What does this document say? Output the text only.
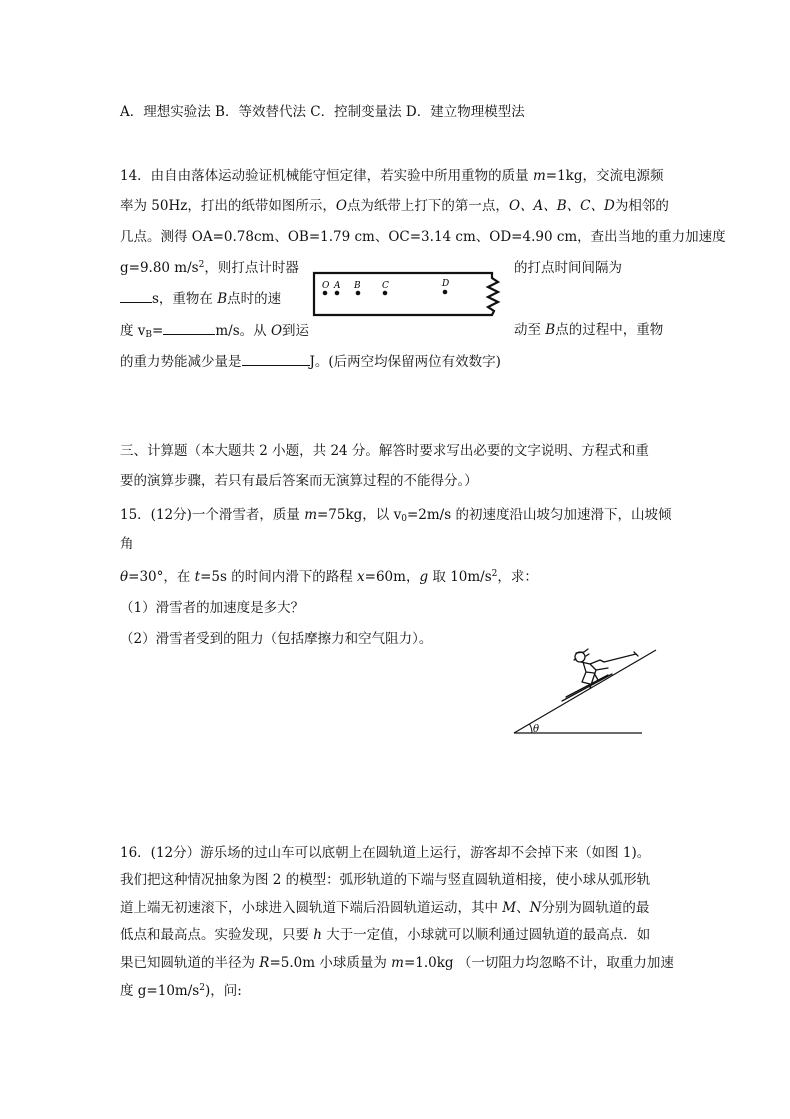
A．理想实验法 B．等效替代法 C．控制变量法 D．建立物理模型法
14．由自由落体运动验证机械能守恒定律，若实验中所用重物的质量 m=1kg，交流电源频
率为 50Hz，打出的纸带如图所示，O点为纸带上打下的第一点，O、A、B、C、D为相邻的
几点。测得 OA=0.78cm、OB=1.79 cm、OC=3.14 cm、OD=4.90 cm，查出当地的重力加速度
g=9.80 $m/s^2$，则打点计时器	的打点时间间隔为
O A B C	D
s，重物在 B点时的速
度 $v_B=$	m/s。从 O到运	动至 B点的过程中，重物
的重力势能减少量是	J。(后两空均保留两位有效数字)
三、计算题（本大题共 2 小题，共 24 分。解答时要求写出必要的文字说明、方程式和重
要的演算步骤，若只有最后答案而无演算过程的不能得分。）
15．(12分)一个滑雪者，质量 m=75kg，以 $v_0=2m/s$ 的初速度沿山坡匀加速滑下，山坡倾
角
θ=30°，在 t=5s 的时间内滑下的路程 x=60m，g 取 $10m/s^2$，求：
（1）滑雪者的加速度是多大？
（2）滑雪者受到的阻力（包括摩擦力和空气阻力）。
θ
16．(12分）游乐场的过山车可以底朝上在圆轨道上运行，游客却不会掉下来（如图 1)。
我们把这种情况抽象为图 2 的模型：弧形轨道的下端与竖直圆轨道相接，使小球从弧形轨
道上端无初速滚下，小球进入圆轨道下端后沿圆轨道运动，其中 M、N分别为圆轨道的最
低点和最高点。实验发现，只要 h 大于一定值，小球就可以顺利通过圆轨道的最高点．如
果已知圆轨道的半径为 R=5.0m 小球质量为 m=1.0kg （一切阻力均忽略不计，取重力加速
度 $g=10m/s^2$)，问:
